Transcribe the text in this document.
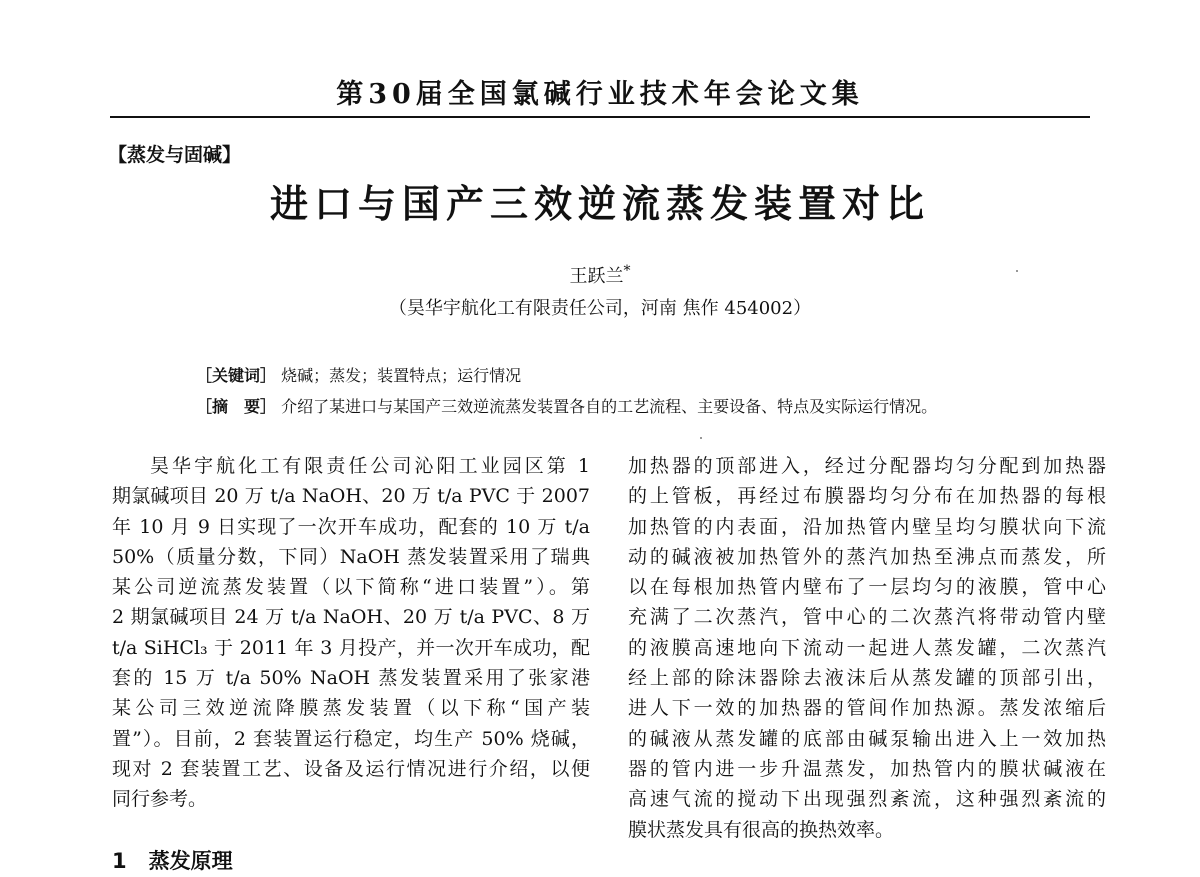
第30届全国氯碱行业技术年会论文集
【蒸发与固碱】
进口与国产三效逆流蒸发装置对比
王跃兰*
（昊华宇航化工有限责任公司，河南 焦作 454002）
［关键词］ 烧碱；蒸发；装置特点；运行情况
［摘　要］ 介绍了某进口与某国产三效逆流蒸发装置各自的工艺流程、主要设备、特点及实际运行情况。
昊华宇航化工有限责任公司沁阳工业园区第 1
期氯碱项目 20 万 t/a NaOH、20 万 t/a PVC 于 2007
年 10 月 9 日实现了一次开车成功，配套的 10 万 t/a
50%（质量分数，下同）NaOH 蒸发装置采用了瑞典
某公司逆流蒸发装置（以下简称“进口装置”）。第
2 期氯碱项目 24 万 t/a NaOH、20 万 t/a PVC、8 万
t/a SiHCl₃ 于 2011 年 3 月投产，并一次开车成功，配
套的 15 万 t/a 50% NaOH 蒸发装置采用了张家港
某公司三效逆流降膜蒸发装置（以下称“国产装
置”）。目前，2 套装置运行稳定，均生产 50% 烧碱，
现对 2 套装置工艺、设备及运行情况进行介绍，以便
同行参考。
1 蒸发原理
加热器的顶部进入，经过分配器均匀分配到加热器
的上管板，再经过布膜器均匀分布在加热器的每根
加热管的内表面，沿加热管内壁呈均匀膜状向下流
动的碱液被加热管外的蒸汽加热至沸点而蒸发，所
以在每根加热管内壁布了一层均匀的液膜，管中心
充满了二次蒸汽，管中心的二次蒸汽将带动管内壁
的液膜高速地向下流动一起进人蒸发罐，二次蒸汽
经上部的除沫器除去液沫后从蒸发罐的顶部引出，
进人下一效的加热器的管间作加热源。蒸发浓缩后
的碱液从蒸发罐的底部由碱泵输出进入上一效加热
器的管内进一步升温蒸发，加热管内的膜状碱液在
高速气流的搅动下出现强烈紊流，这种强烈紊流的
膜状蒸发具有很高的换热效率。
